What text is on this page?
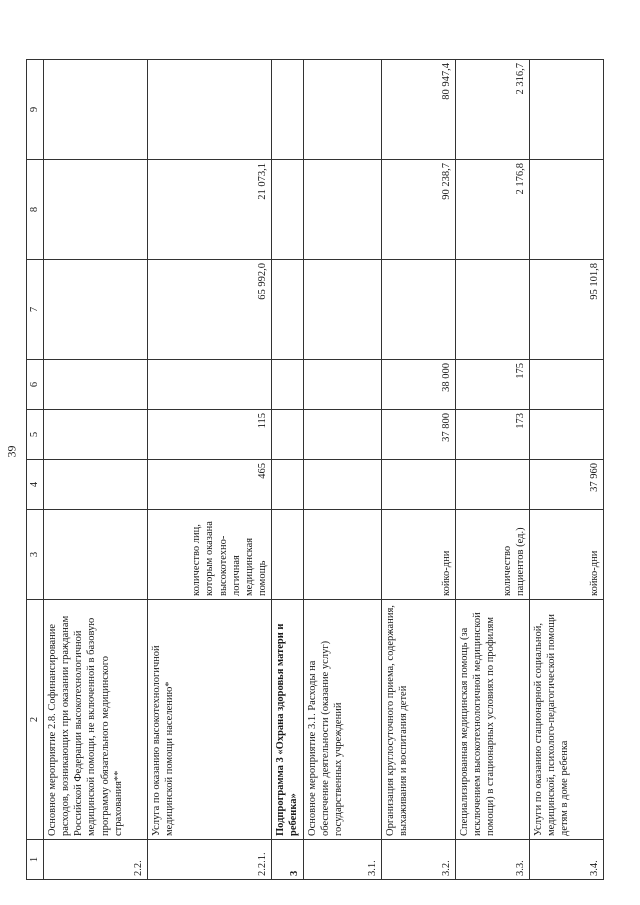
39
1	2	3	4	5	6	7	8	9
2.2.	Основное мероприятие 2.8. Софинансирование расходов, возникающих при оказании гражданам Российской Федерации высокотехнологичной медицинской помощи, не включенной в базовую программу обязательного медицинского страхования**							
2.2.1.	Услуга по оказанию высокотехнологичной медицинской помощи населению*	количество лиц, которым оказана высокотехно-логичная медицинская помощь	465	115		65 992,0	21 073,1	
3	Подпрограмма 3 «Охрана здоровья матери и ребенка»							
3.1.	Основное мероприятие 3.1. Расходы на обеспечение деятельности (оказание услуг) государственных учреждений							
3.2.	Организация круглосуточного приема, содержания, выхаживания и воспитания детей	койко-дни		37 800	38 000		90 238,7	80 947,4
3.3.	Специализированная медицинская помощь (за исключением высокотехнологичной медицинской помощи) в стационарных условиях по профилям	количество пациентов (ед.)		173	175		2 176,8	2 316,7
3.4.	Услуги по оказанию стационарной социальной, медицинской, психолого-педагогической помощи детям в доме ребенка	койко-дни	37 960			95 101,8		
